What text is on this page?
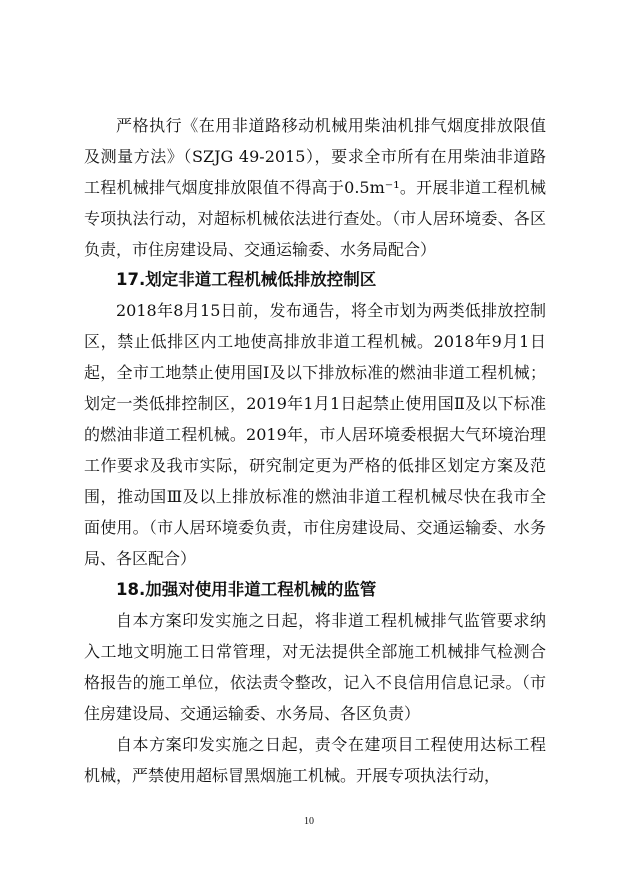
严格执行《在用非道路移动机械用柴油机排气烟度排放限值及测量方法》（SZJG 49-2015），要求全市所有在用柴油非道路工程机械排气烟度排放限值不得高于0.5m⁻¹。开展非道工程机械专项执法行动，对超标机械依法进行查处。（市人居环境委、各区负责，市住房建设局、交通运输委、水务局配合）

17.划定非道工程机械低排放控制区

2018年8月15日前，发布通告，将全市划为两类低排放控制区，禁止低排区内工地使高排放非道工程机械。2018年9月1日起，全市工地禁止使用国Ⅰ及以下排放标准的燃油非道工程机械；划定一类低排控制区，2019年1月1日起禁止使用国Ⅱ及以下标准的燃油非道工程机械。2019年，市人居环境委根据大气环境治理工作要求及我市实际，研究制定更为严格的低排区划定方案及范围，推动国Ⅲ及以上排放标准的燃油非道工程机械尽快在我市全面使用。（市人居环境委负责，市住房建设局、交通运输委、水务局、各区配合）

18.加强对使用非道工程机械的监管

自本方案印发实施之日起，将非道工程机械排气监管要求纳入工地文明施工日常管理，对无法提供全部施工机械排气检测合格报告的施工单位，依法责令整改，记入不良信用信息记录。（市住房建设局、交通运输委、水务局、各区负责）

自本方案印发实施之日起，责令在建项目工程使用达标工程机械，严禁使用超标冒黑烟施工机械。开展专项执法行动，

10
